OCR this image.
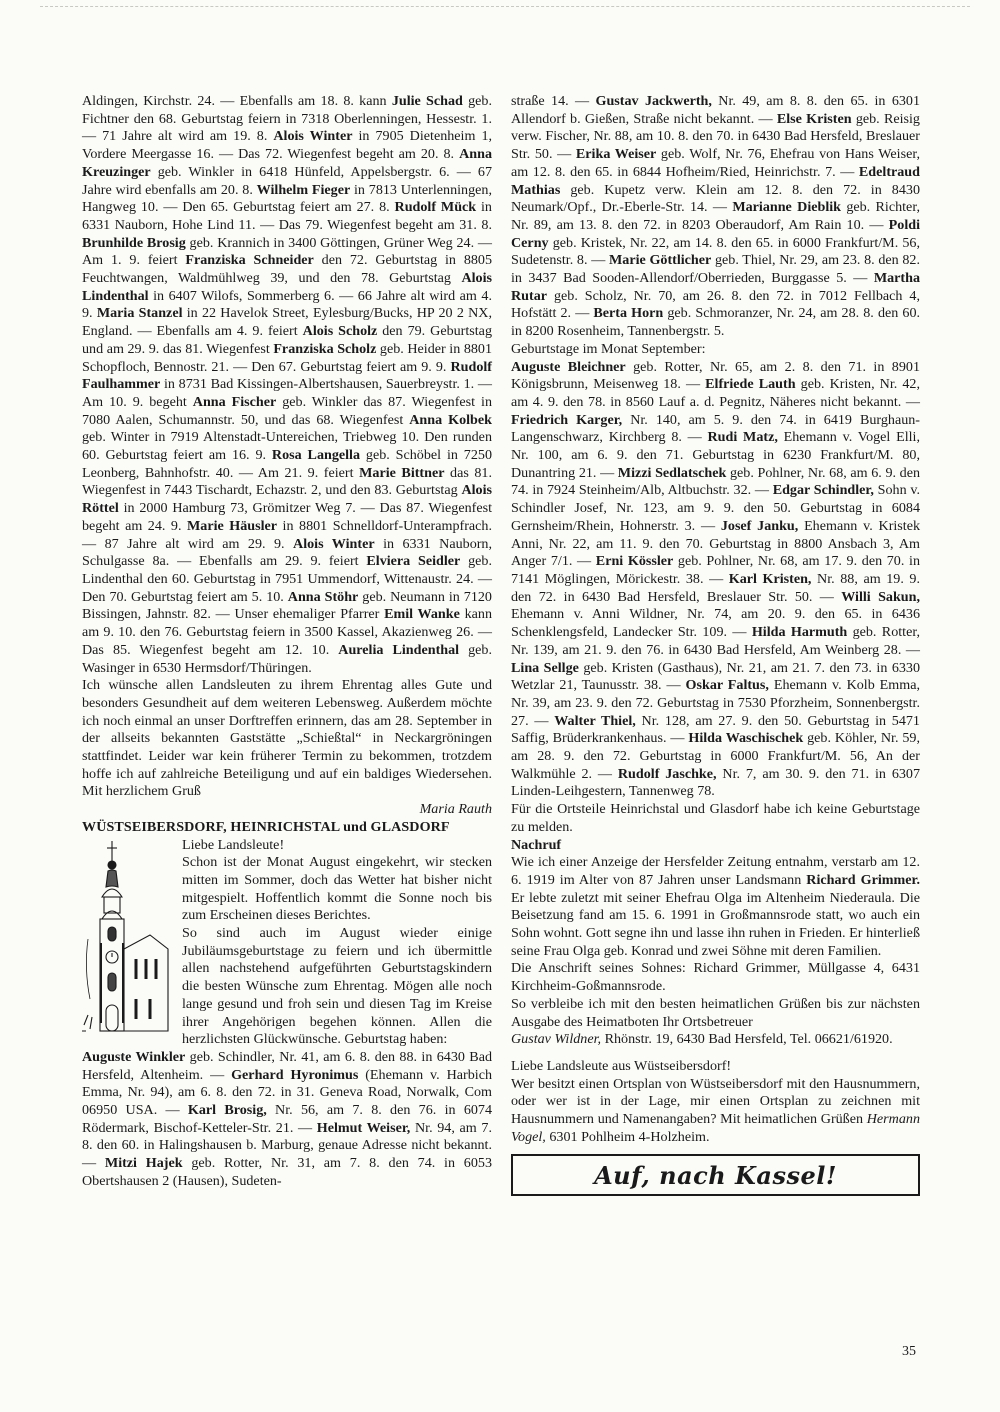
Aldingen, Kirchstr. 24. — Ebenfalls am 18. 8. kann Julie Schad geb. Fichtner den 68. Geburtstag feiern in 7318 Oberlenningen, Hessestr. 1. — 71 Jahre alt wird am 19. 8. Alois Winter in 7905 Dietenheim 1, Vordere Meergasse 16. — Das 72. Wiegenfest begeht am 20. 8. Anna Kreuzinger geb. Winkler in 6418 Hünfeld, Appelsbergstr. 6. — 67 Jahre wird ebenfalls am 20. 8. Wilhelm Fieger in 7813 Unterlenningen, Hangweg 10. — Den 65. Geburtstag feiert am 27. 8. Rudolf Mück in 6331 Nauborn, Hohe Lind 11. — Das 79. Wiegenfest begeht am 31. 8. Brunhilde Brosig geb. Krannich in 3400 Göttingen, Grüner Weg 24. — Am 1. 9. feiert Franziska Schneider den 72. Geburtstag in 8805 Feuchtwangen, Waldmühlweg 39, und den 78. Geburtstag Alois Lindenthal in 6407 Wilofs, Sommerberg 6. — 66 Jahre alt wird am 4. 9. Maria Stanzel in 22 Havelok Street, Eylesburg/Bucks, HP 20 2 NX, England. — Ebenfalls am 4. 9. feiert Alois Scholz den 79. Geburtstag und am 29. 9. das 81. Wiegenfest Franziska Scholz geb. Heider in 8801 Schopfloch, Bennostr. 21. — Den 67. Geburtstag feiert am 9. 9. Rudolf Faulhammer in 8731 Bad Kissingen-Albertshausen, Sauerbreystr. 1. — Am 10. 9. begeht Anna Fischer geb. Winkler das 87. Wiegenfest in 7080 Aalen, Schumannstr. 50, und das 68. Wiegenfest Anna Kolbek geb. Winter in 7919 Altenstadt-Untereichen, Triebweg 10. Den runden 60. Geburtstag feiert am 16. 9. Rosa Langella geb. Schöbel in 7250 Leonberg, Bahnhofstr. 40. — Am 21. 9. feiert Marie Bittner das 81. Wiegenfest in 7443 Tischardt, Echazstr. 2, und den 83. Geburtstag Alois Röttel in 2000 Hamburg 73, Grömitzer Weg 7. — Das 87. Wiegenfest begeht am 24. 9. Marie Häusler in 8801 Schnelldorf-Unterampfrach. — 87 Jahre alt wird am 29. 9. Alois Winter in 6331 Nauborn, Schulgasse 8a. — Ebenfalls am 29. 9. feiert Elviera Seidler geb. Lindenthal den 60. Geburtstag in 7951 Ummendorf, Wittenaustr. 24. — Den 70. Geburtstag feiert am 5. 10. Anna Stöhr geb. Neumann in 7120 Bissingen, Jahnstr. 82. — Unser ehemaliger Pfarrer Emil Wanke kann am 9. 10. den 76. Geburtstag feiern in 3500 Kassel, Akazienweg 26. — Das 85. Wiegenfest begeht am 12. 10. Aurelia Lindenthal geb. Wasinger in 6530 Hermsdorf/Thüringen.

Ich wünsche allen Landsleuten zu ihrem Ehrentag alles Gute und besonders Gesundheit auf dem weiteren Lebensweg. Außerdem möchte ich noch einmal an unser Dorftreffen erinnern, das am 28. September in der allseits bekannten Gaststätte „Schießtal“ in Neckargröningen stattfindet. Leider war kein früherer Termin zu bekommen, trotzdem hoffe ich auf zahlreiche Beteiligung und auf ein baldiges Wiedersehen. Mit herzlichem Gruß

Maria Rauth

WÜSTSEIBERSDORF, HEINRICHSTAL und GLASDORF

Liebe Landsleute!

Schon ist der Monat August eingekehrt, wir stecken mitten im Sommer, doch das Wetter hat bisher nicht mitgespielt. Hoffentlich kommt die Sonne noch bis zum Erscheinen dieses Berichtes.

So sind auch im August wieder einige Jubiläumsgeburtstage zu feiern und ich übermittle allen nachstehend aufgeführten Geburtstagskindern die besten Wünsche zum Ehrentag. Mögen alle noch lange gesund und froh sein und diesen Tag im Kreise ihrer Angehörigen begehen können. Allen die herzlichsten Glückwünsche. Geburtstag haben:

Auguste Winkler geb. Schindler, Nr. 41, am 6. 8. den 88. in 6430 Bad Hersfeld, Altenheim. — Gerhard Hyronimus (Ehemann v. Harbich Emma, Nr. 94), am 6. 8. den 72. in 31. Geneva Road, Norwalk, Com 06950 USA. — Karl Brosig, Nr. 56, am 7. 8. den 76. in 6074 Rödermark, Bischof-Ketteler-Str. 21. — Helmut Weiser, Nr. 94, am 7. 8. den 60. in Halingshausen b. Marburg, genaue Adresse nicht bekannt. — Mitzi Hajek geb. Rotter, Nr. 31, am 7. 8. den 74. in 6053 Obertshausen 2 (Hausen), Sudeten-

straße 14. — Gustav Jackwerth, Nr. 49, am 8. 8. den 65. in 6301 Allendorf b. Gießen, Straße nicht bekannt. — Else Kristen geb. Reisig verw. Fischer, Nr. 88, am 10. 8. den 70. in 6430 Bad Hersfeld, Breslauer Str. 50. — Erika Weiser geb. Wolf, Nr. 76, Ehefrau von Hans Weiser, am 12. 8. den 65. in 6844 Hofheim/Ried, Heinrichstr. 7. — Edeltraud Mathias geb. Kupetz verw. Klein am 12. 8. den 72. in 8430 Neumark/Opf., Dr.-Eberle-Str. 14. — Marianne Dieblik geb. Richter, Nr. 89, am 13. 8. den 72. in 8203 Oberaudorf, Am Rain 10. — Poldi Cerny geb. Kristek, Nr. 22, am 14. 8. den 65. in 6000 Frankfurt/M. 56, Sudetenstr. 8. — Marie Göttlicher geb. Thiel, Nr. 29, am 23. 8. den 82. in 3437 Bad Sooden-Allendorf/Oberrieden, Burggasse 5. — Martha Rutar geb. Scholz, Nr. 70, am 26. 8. den 72. in 7012 Fellbach 4, Hofstätt 2. — Berta Horn geb. Schmoranzer, Nr. 24, am 28. 8. den 60. in 8200 Rosenheim, Tannenbergstr. 5.

Geburtstage im Monat September:

Auguste Bleichner geb. Rotter, Nr. 65, am 2. 8. den 71. in 8901 Königsbrunn, Meisenweg 18. — Elfriede Lauth geb. Kristen, Nr. 42, am 4. 9. den 78. in 8560 Lauf a. d. Pegnitz, Näheres nicht bekannt. — Friedrich Karger, Nr. 140, am 5. 9. den 74. in 6419 Burghaun-Langenschwarz, Kirchberg 8. — Rudi Matz, Ehemann v. Vogel Elli, Nr. 100, am 6. 9. den 71. Geburtstag in 6230 Frankfurt/M. 80, Dunantring 21. — Mizzi Sedlatschek geb. Pohlner, Nr. 68, am 6. 9. den 74. in 7924 Steinheim/Alb, Altbuchstr. 32. — Edgar Schindler, Sohn v. Schindler Josef, Nr. 123, am 9. 9. den 50. Geburtstag in 6084 Gernsheim/Rhein, Hohnerstr. 3. — Josef Janku, Ehemann v. Kristek Anni, Nr. 22, am 11. 9. den 70. Geburtstag in 8800 Ansbach 3, Am Anger 7/1. — Erni Kössler geb. Pohlner, Nr. 68, am 17. 9. den 70. in 7141 Möglingen, Mörickestr. 38. — Karl Kristen, Nr. 88, am 19. 9. den 72. in 6430 Bad Hersfeld, Breslauer Str. 50. — Willi Sakun, Ehemann v. Anni Wildner, Nr. 74, am 20. 9. den 65. in 6436 Schenklengsfeld, Landecker Str. 109. — Hilda Harmuth geb. Rotter, Nr. 139, am 21. 9. den 76. in 6430 Bad Hersfeld, Am Weinberg 28. — Lina Sellge geb. Kristen (Gasthaus), Nr. 21, am 21. 7. den 73. in 6330 Wetzlar 21, Taunusstr. 38. — Oskar Faltus, Ehemann v. Kolb Emma, Nr. 39, am 23. 9. den 72. Geburtstag in 7530 Pforzheim, Sonnenbergstr. 27. — Walter Thiel, Nr. 128, am 27. 9. den 50. Geburtstag in 5471 Saffig, Brüderkrankenhaus. — Hilda Waschischek geb. Köhler, Nr. 59, am 28. 9. den 72. Geburtstag in 6000 Frankfurt/M. 56, An der Walkmühle 2. — Rudolf Jaschke, Nr. 7, am 30. 9. den 71. in 6307 Linden-Leihgestern, Tannenweg 78.

Für die Ortsteile Heinrichstal und Glasdorf habe ich keine Geburtstage zu melden.

Nachruf

Wie ich einer Anzeige der Hersfelder Zeitung entnahm, verstarb am 12. 6. 1919 im Alter von 87 Jahren unser Landsmann Richard Grimmer. Er lebte zuletzt mit seiner Ehefrau Olga im Altenheim Niederaula. Die Beisetzung fand am 15. 6. 1991 in Großmannsrode statt, wo auch ein Sohn wohnt. Gott segne ihn und lasse ihn ruhen in Frieden. Er hinterließ seine Frau Olga geb. Konrad und zwei Söhne mit deren Familien.

Die Anschrift seines Sohnes: Richard Grimmer, Müllgasse 4, 6431 Kirchheim-Goßmannsrode.

So verbleibe ich mit den besten heimatlichen Grüßen bis zur nächsten Ausgabe des Heimatboten Ihr Ortsbetreuer

Gustav Wildner, Rhönstr. 19, 6430 Bad Hersfeld, Tel. 06621/61920.

Liebe Landsleute aus Wüstseibersdorf!

Wer besitzt einen Ortsplan von Wüstseibersdorf mit den Hausnummern, oder wer ist in der Lage, mir einen Ortsplan zu zeichnen mit Hausnummern und Namenangaben? Mit heimatlichen Grüßen Hermann Vogel, 6301 Pohlheim 4-Holzheim.

Auf, nach Kassel!
35
